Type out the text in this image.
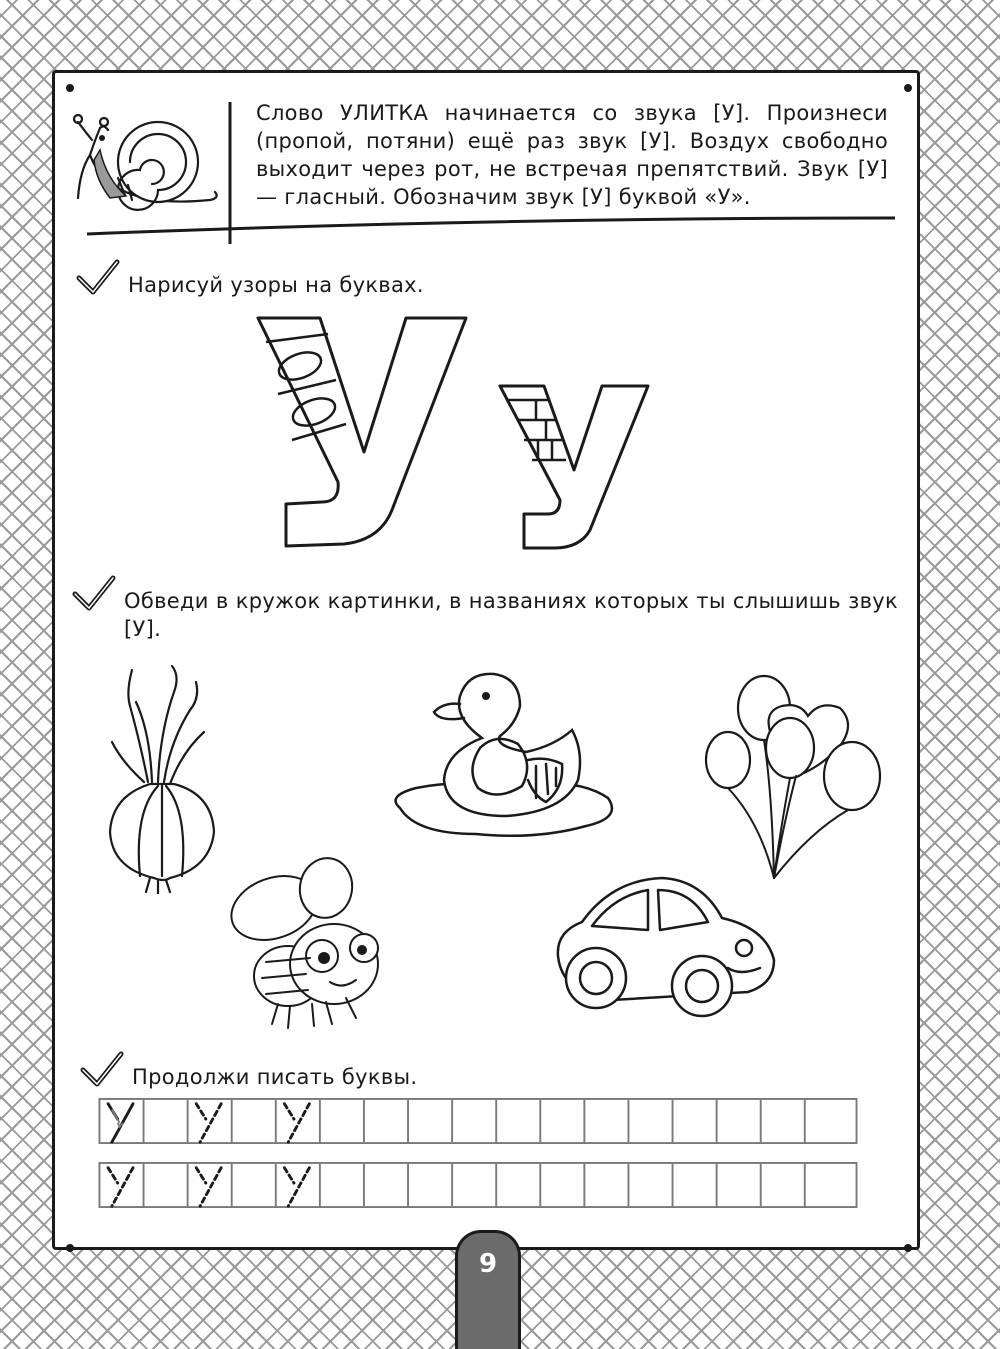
Слово УЛИТКА начинается со звука [У]. Произнеси (пропой, потяни) ещё раз звук [У]. Воздух свободно выходит через рот, не встречая препятствий. Звук [У] — гласный. Обозначим звук [У] буквой «У».
Нарисуй узоры на буквах.
Обведи в кружок картинки, в названиях которых ты слышишь звук [У].
Продолжи писать буквы.
9
